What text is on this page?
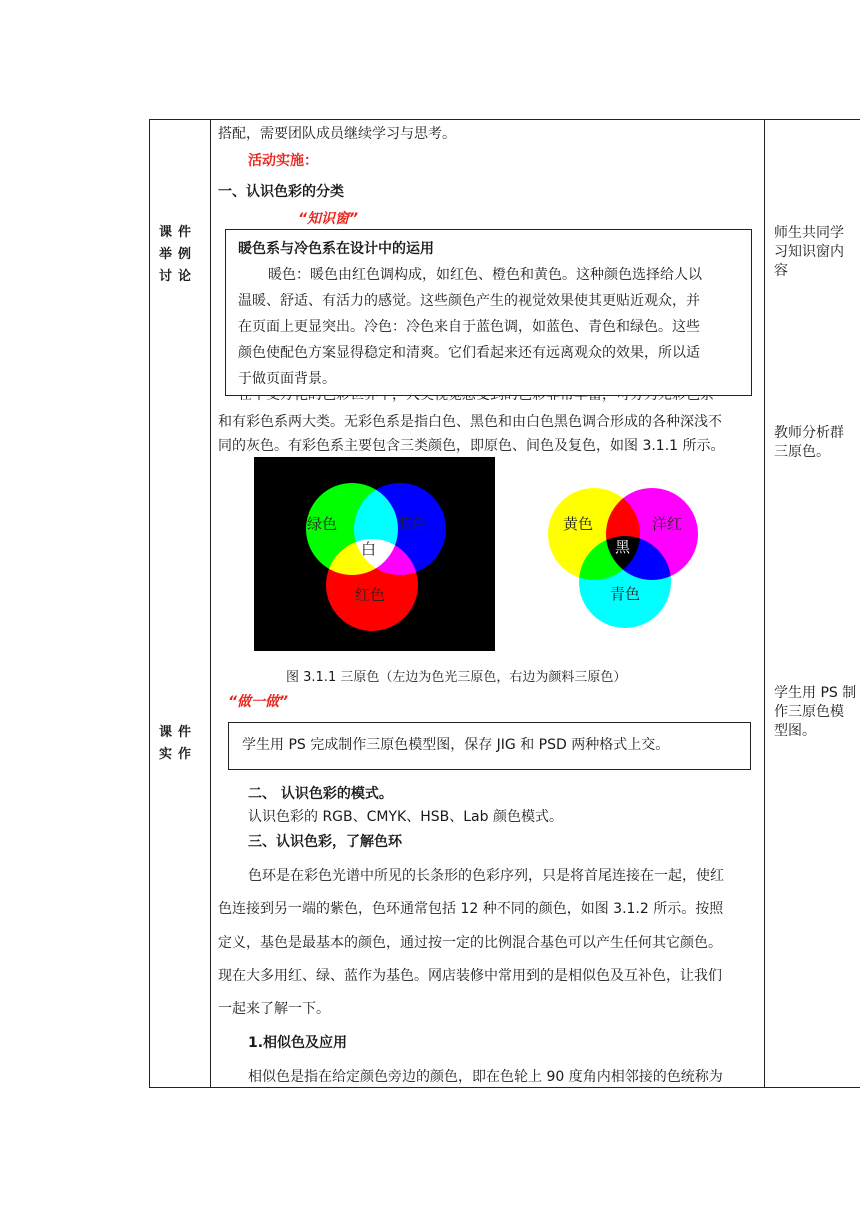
课件
举例
讨论
课件
实作
师生共同学
习知识窗内
容
教师分析群
三原色。
学生用 PS 制
作三原色模
型图。
搭配，需要团队成员继续学习与思考。
活动实施：
一、认识色彩的分类
“知识窗”
暖色系与冷色系在设计中的运用
暖色：暖色由红色调构成，如红色、橙色和黄色。这种颜色选择给人以
温暖、舒适、有活力的感觉。这些颜色产生的视觉效果使其更贴近观众，并
在页面上更显突出。冷色：冷色来自于蓝色调，如蓝色、青色和绿色。这些
颜色使配色方案显得稳定和清爽。它们看起来还有远离观众的效果，所以适
于做页面背景。
和有彩色系两大类。无彩色系是指白色、黑色和由白色黑色调合形成的各种深浅不
同的灰色。有彩色系主要包含三类颜色，即原色、间色及复色，如图 3.1.1 所示。
绿色	蓝色
白
红色
黄色	洋红
黑
青色
图 3.1.1 三原色（左边为色光三原色，右边为颜料三原色）
“做一做”
学生用 PS 完成制作三原色模型图，保存 JIG 和 PSD 两种格式上交。
二、 认识色彩的模式。
认识色彩的 RGB、CMYK、HSB、Lab 颜色模式。
三、认识色彩，了解色环
色环是在彩色光谱中所见的长条形的色彩序列，只是将首尾连接在一起，使红
色连接到另一端的紫色，色环通常包括 12 种不同的颜色，如图 3.1.2 所示。按照
定义，基色是最基本的颜色，通过按一定的比例混合基色可以产生任何其它颜色。
现在大多用红、绿、蓝作为基色。网店装修中常用到的是相似色及互补色，让我们
一起来了解一下。
1.相似色及应用
相似色是指在给定颜色旁边的颜色，即在色轮上 90 度角内相邻接的色统称为
